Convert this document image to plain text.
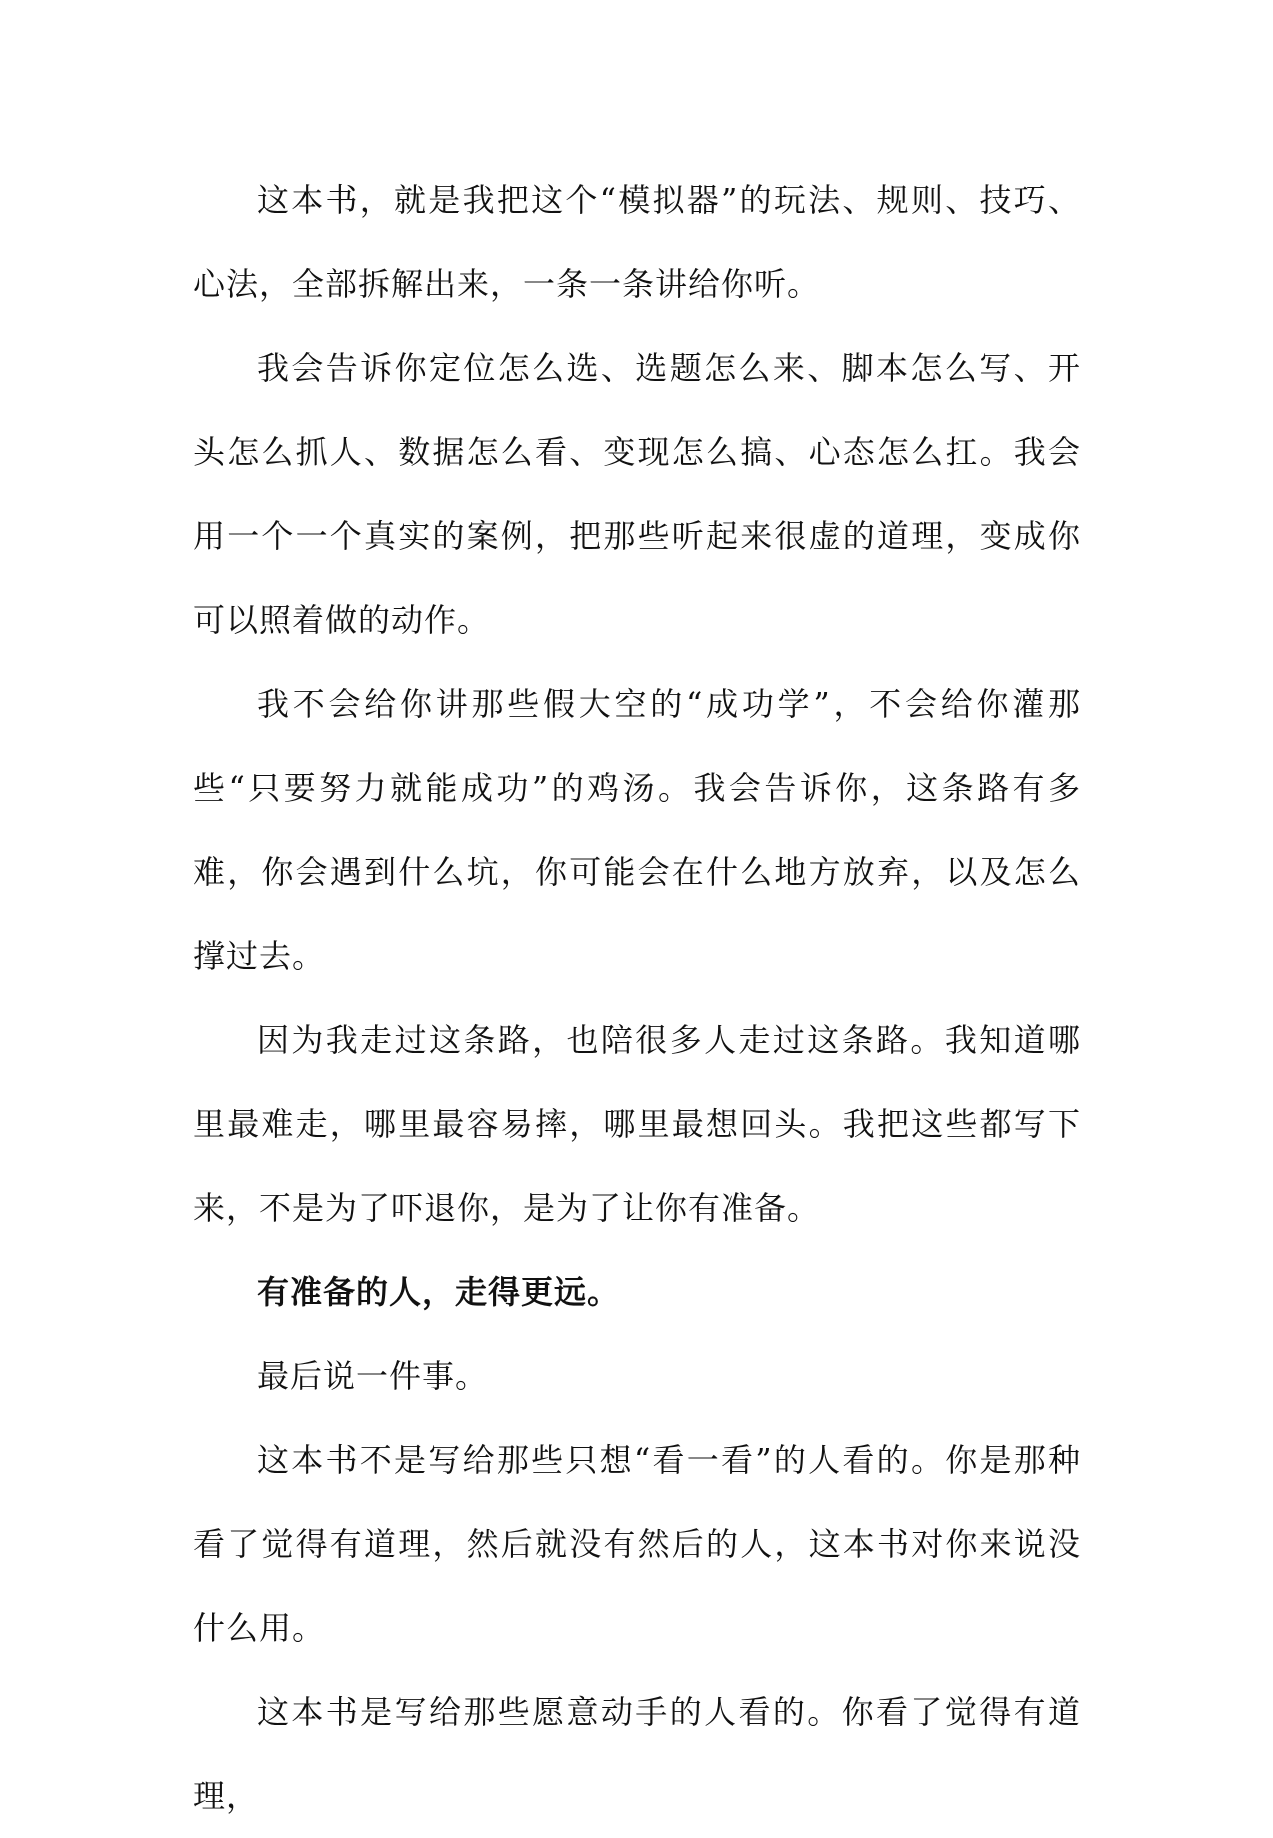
这本书，就是我把这个“模拟器”的玩法、规则、技巧、心法，全部拆解出来，一条一条讲给你听。

我会告诉你定位怎么选、选题怎么来、脚本怎么写、开头怎么抓人、数据怎么看、变现怎么搞、心态怎么扛。我会用一个一个真实的案例，把那些听起来很虚的道理，变成你可以照着做的动作。

我不会给你讲那些假大空的“成功学”，不会给你灌那些“只要努力就能成功”的鸡汤。我会告诉你，这条路有多难，你会遇到什么坑，你可能会在什么地方放弃，以及怎么撑过去。

因为我走过这条路，也陪很多人走过这条路。我知道哪里最难走，哪里最容易摔，哪里最想回头。我把这些都写下来，不是为了吓退你，是为了让你有准备。

有准备的人，走得更远。

最后说一件事。

这本书不是写给那些只想“看一看”的人看的。你是那种看了觉得有道理，然后就没有然后的人，这本书对你来说没什么用。

这本书是写给那些愿意动手的人看的。你看了觉得有道理，
